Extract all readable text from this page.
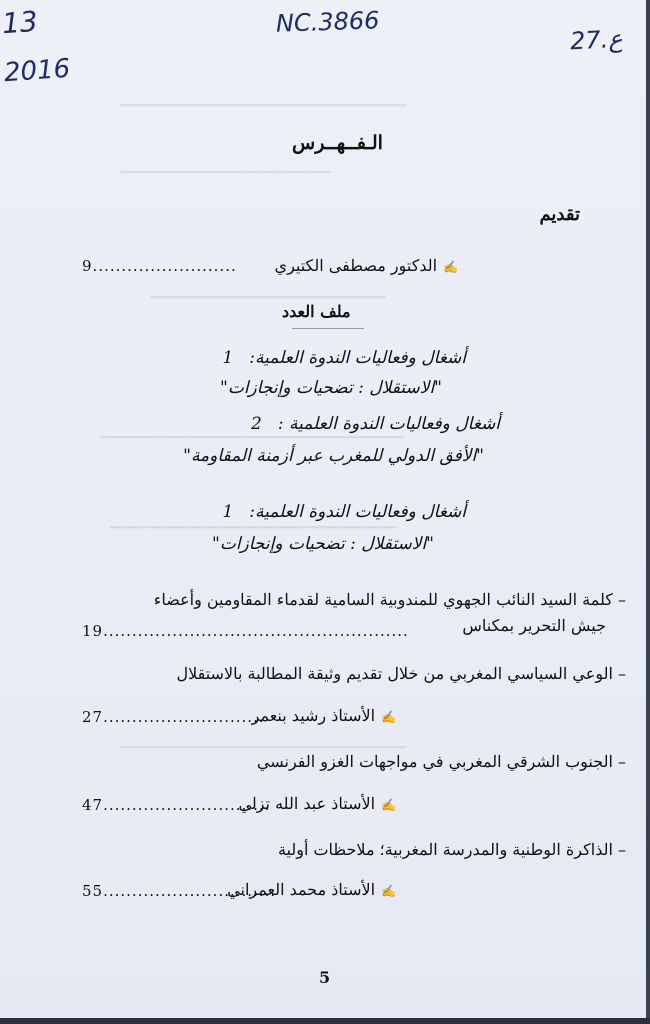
━━━━━━━━━━━━━━━━━━━━━━━━━━━━━━━━━━
━━━━━━━━━━━━━━━━━━━━━━━━━
━━━━━━━━━━━━━━━━━━━━━━━━━━━━
━━━━━━━━━━━━━━━━━━━━━━━━━━━━━━━━━━━━
━━━━━━━━━━━━━━━━━━━━━━━━━━━━━━━━━━
━━━━━━━━━━━━━━━━━━━━━━━━━━━━━━━━━━
13
2016
NC.3866
27.ع
الـفــهــرس
تقديم
✍الدكتور مصطفى الكتيري
9.........................
ملف العدد
أشغال وفعاليات الندوة العلمية:1
"الاستقلال : تضحيات وإنجازات"
أشغال وفعاليات الندوة العلمية :2
"الأفق الدولي للمغرب عبر أزمنة المقاومة"
أشغال وفعاليات الندوة العلمية:1
"الاستقلال : تضحيات وإنجازات"
– كلمة السيد النائب الجهوي للمندوبية السامية لقدماء المقاومين وأعضاء
جيش التحرير بمكناس
19.....................................................
– الوعي السياسي المغربي من خلال تقديم وثيقة المطالبة بالاستقلال
✍الأستاذ رشيد بنعمر
27............................
– الجنوب الشرقي المغربي في مواجهات الغزو الفرنسي
✍الأستاذ عبد الله تزلي
47.............................
– الذاكرة الوطنية والمدرسة المغربية؛ ملاحظات أولية
✍الأستاذ محمد العمراني
55..............................
5
